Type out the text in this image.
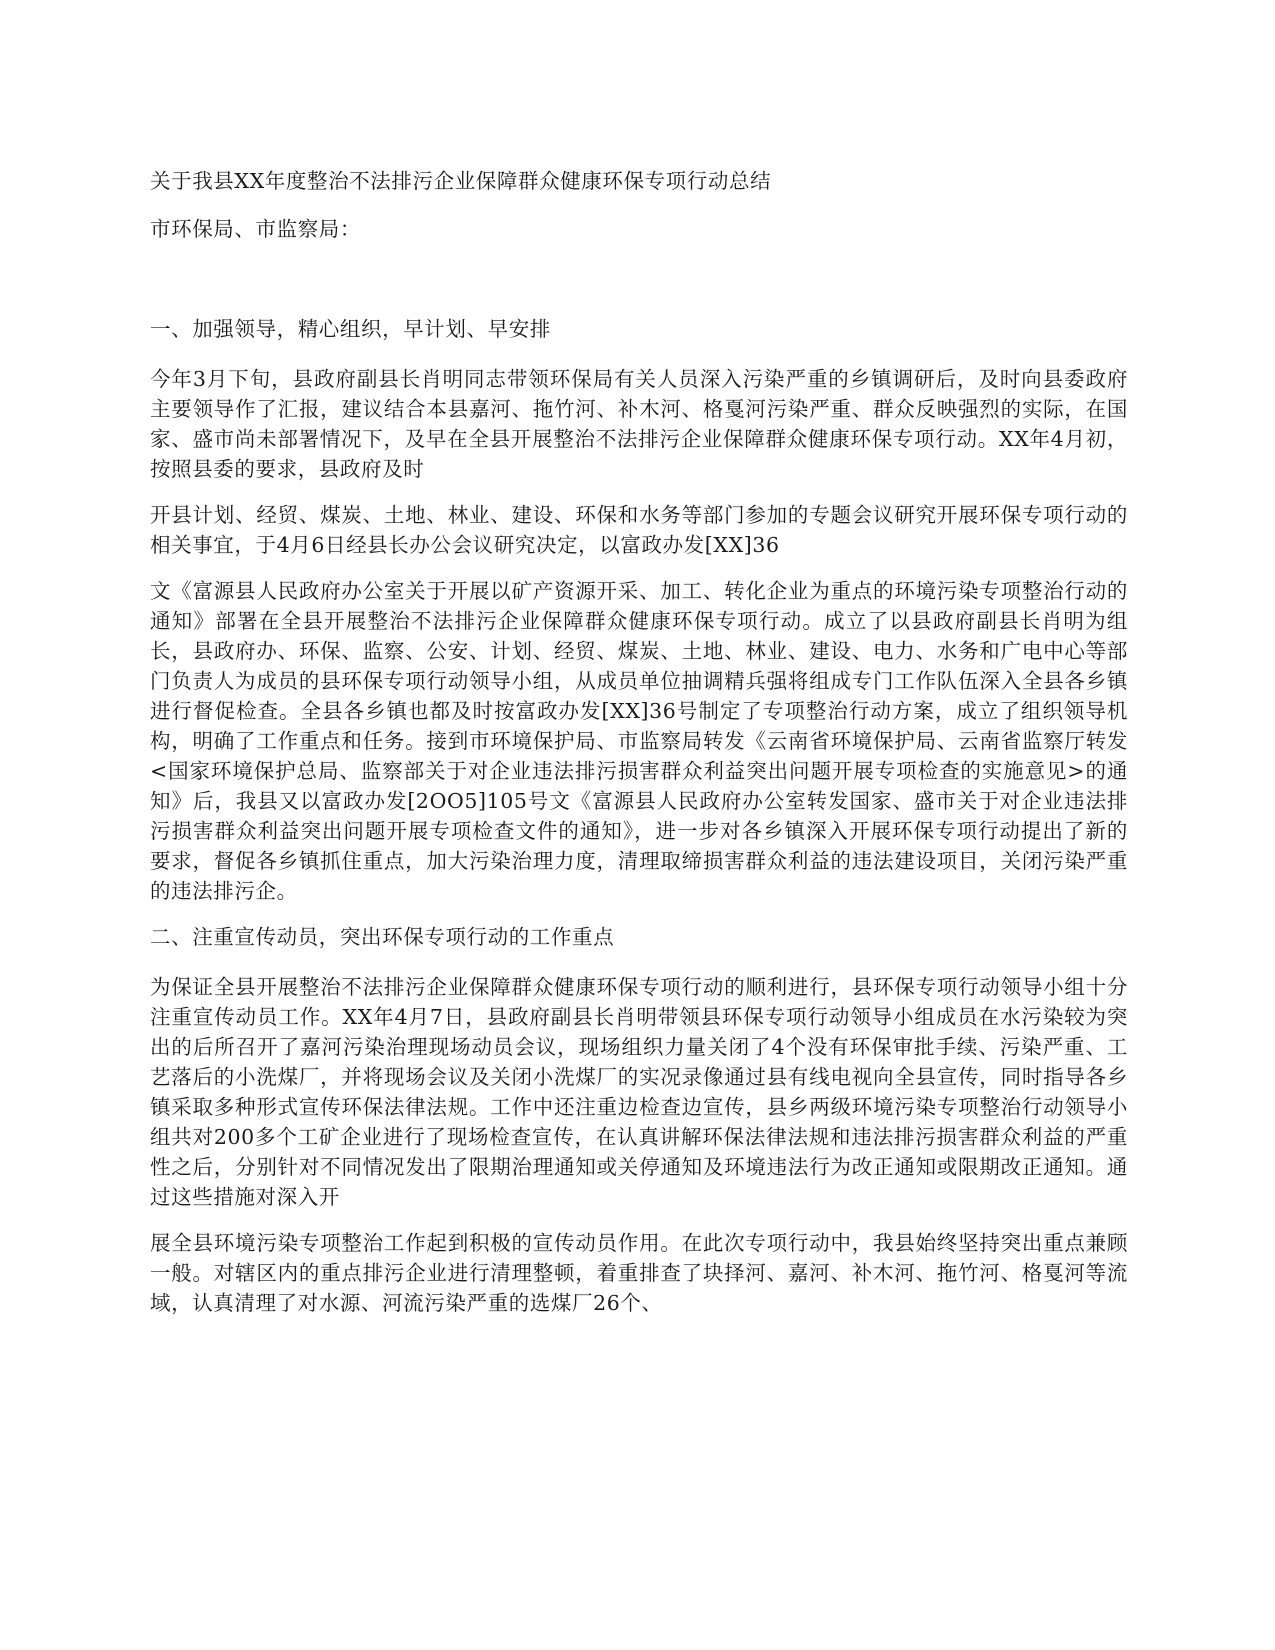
关于我县XX年度整治不法排污企业保障群众健康环保专项行动总结

市环保局、市监察局：

一、加强领导，精心组织，早计划、早安排

今年3月下旬，县政府副县长肖明同志带领环保局有关人员深入污染严重的乡镇调研后，及时向县委政府主要领导作了汇报，建议结合本县嘉河、拖竹河、补木河、格戛河污染严重、群众反映强烈的实际，在国家、盛市尚未部署情况下，及早在全县开展整治不法排污企业保障群众健康环保专项行动。XX年4月初，按照县委的要求，县政府及时

开县计划、经贸、煤炭、土地、林业、建设、环保和水务等部门参加的专题会议研究开展环保专项行动的相关事宜，于4月6日经县长办公会议研究决定，以富政办发[XX]36

文《富源县人民政府办公室关于开展以矿产资源开采、加工、转化企业为重点的环境污染专项整治行动的通知》部署在全县开展整治不法排污企业保障群众健康环保专项行动。成立了以县政府副县长肖明为组长，县政府办、环保、监察、公安、计划、经贸、煤炭、土地、林业、建设、电力、水务和广电中心等部门负责人为成员的县环保专项行动领导小组，从成员单位抽调精兵强将组成专门工作队伍深入全县各乡镇进行督促检查。全县各乡镇也都及时按富政办发[XX]36号制定了专项整治行动方案，成立了组织领导机构，明确了工作重点和任务。接到市环境保护局、市监察局转发《云南省环境保护局、云南省监察厅转发<国家环境保护总局、监察部关于对企业违法排污损害群众利益突出问题开展专项检查的实施意见>的通知》后，我县又以富政办发[2OO5]105号文《富源县人民政府办公室转发国家、盛市关于对企业违法排污损害群众利益突出问题开展专项检查文件的通知》，进一步对各乡镇深入开展环保专项行动提出了新的要求，督促各乡镇抓住重点，加大污染治理力度，清理取缔损害群众利益的违法建设项目，关闭污染严重的违法排污企。

二、注重宣传动员，突出环保专项行动的工作重点

为保证全县开展整治不法排污企业保障群众健康环保专项行动的顺利进行，县环保专项行动领导小组十分注重宣传动员工作。XX年4月7日，县政府副县长肖明带领县环保专项行动领导小组成员在水污染较为突出的后所召开了嘉河污染治理现场动员会议，现场组织力量关闭了4个没有环保审批手续、污染严重、工艺落后的小洗煤厂，并将现场会议及关闭小洗煤厂的实况录像通过县有线电视向全县宣传，同时指导各乡镇采取多种形式宣传环保法律法规。工作中还注重边检查边宣传，县乡两级环境污染专项整治行动领导小组共对200多个工矿企业进行了现场检查宣传，在认真讲解环保法律法规和违法排污损害群众利益的严重性之后，分别针对不同情况发出了限期治理通知或关停通知及环境违法行为改正通知或限期改正通知。通过这些措施对深入开

展全县环境污染专项整治工作起到积极的宣传动员作用。在此次专项行动中，我县始终坚持突出重点兼顾一般。对辖区内的重点排污企业进行清理整顿，着重排查了块择河、嘉河、补木河、拖竹河、格戛河等流域，认真清理了对水源、河流污染严重的选煤厂26个、
